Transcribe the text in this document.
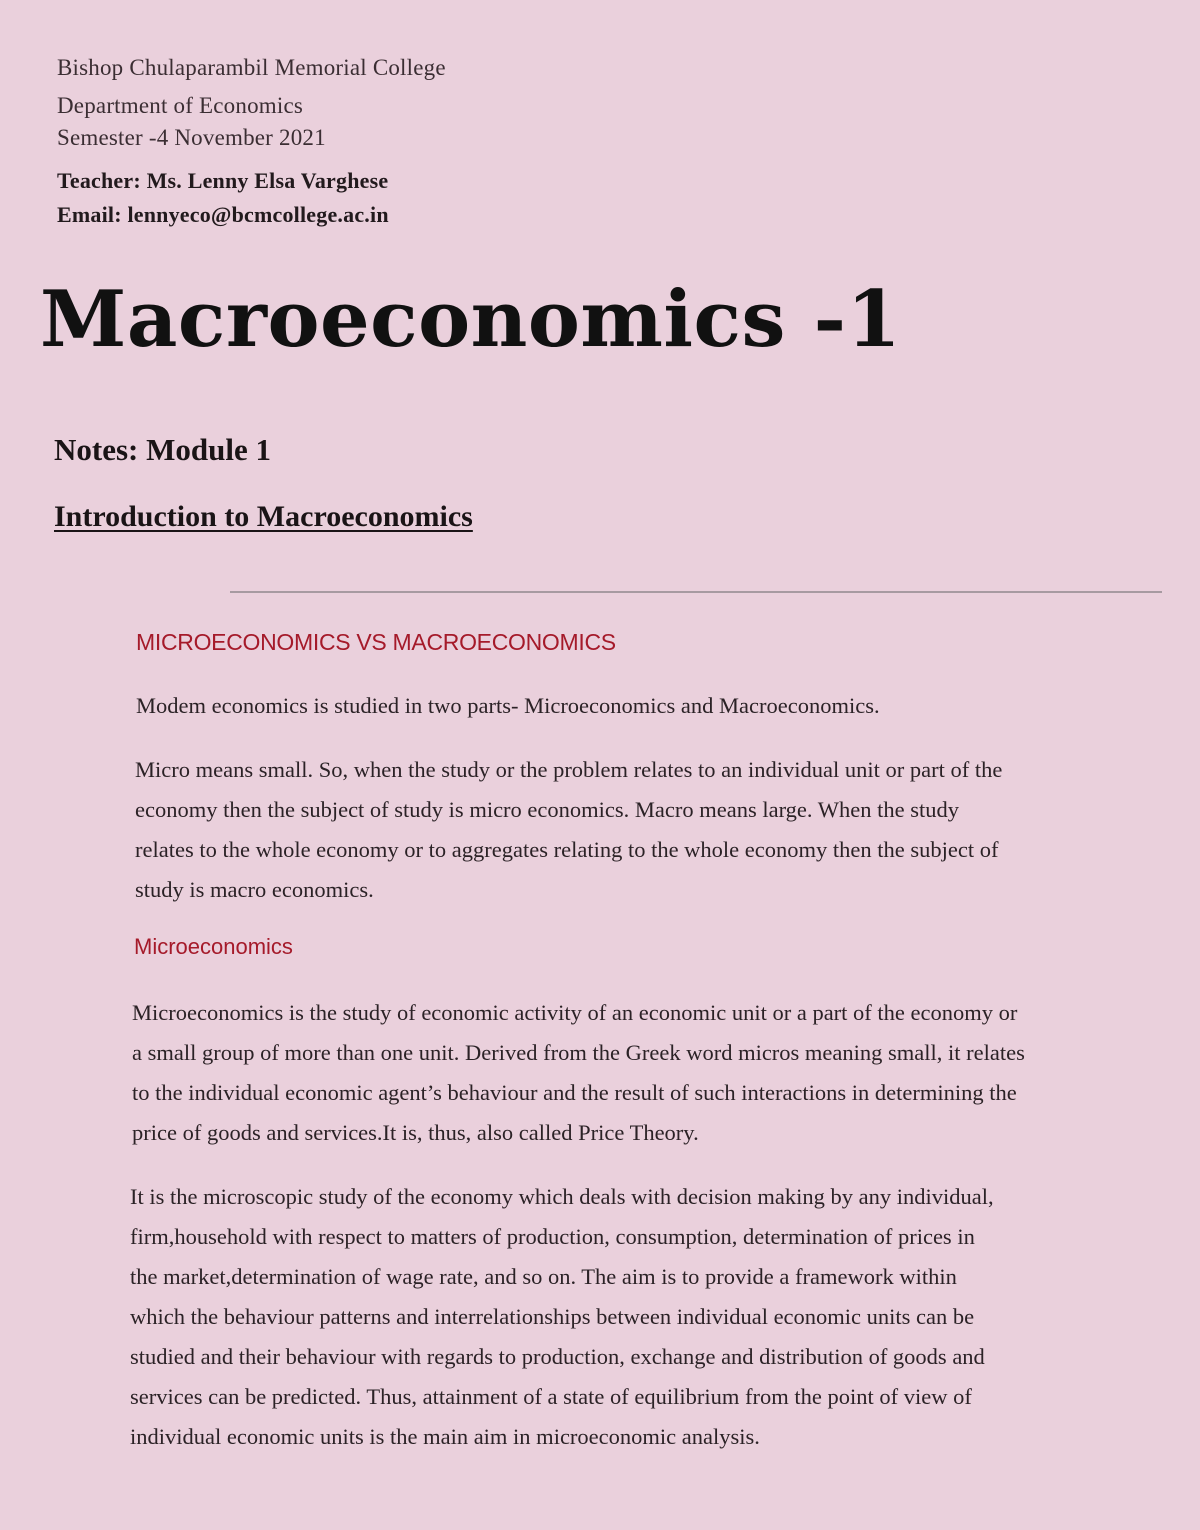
Bishop Chulaparambil Memorial College
Department of Economics
Semester -4 November 2021
Teacher: Ms. Lenny Elsa Varghese
Email: lennyeco@bcmcollege.ac.in
Macroeconomics -1
Notes: Module 1
Introduction to Macroeconomics
MICROECONOMICS VS MACROECONOMICS
Modem economics is studied in two parts- Microeconomics and Macroeconomics.
Micro means small. So, when the study or the problem relates to an individual unit or part of the
economy then the subject of study is micro economics. Macro means large. When the study
relates to the whole economy or to aggregates relating to the whole economy then the subject of
study is macro economics.
Microeconomics
Microeconomics is the study of economic activity of an economic unit or a part of the economy or
a small group of more than one unit. Derived from the Greek word micros meaning small, it relates
to the individual economic agent’s behaviour and the result of such interactions in determining the
price of goods and services.It is, thus, also called Price Theory.
It is the microscopic study of the economy which deals with decision making by any individual,
firm,household with respect to matters of production, consumption, determination of prices in
the market,determination of wage rate, and so on. The aim is to provide a framework within
which the behaviour patterns and interrelationships between individual economic units can be
studied and their behaviour with regards to production, exchange and distribution of goods and
services can be predicted. Thus, attainment of a state of equilibrium from the point of view of
individual economic units is the main aim in microeconomic analysis.
